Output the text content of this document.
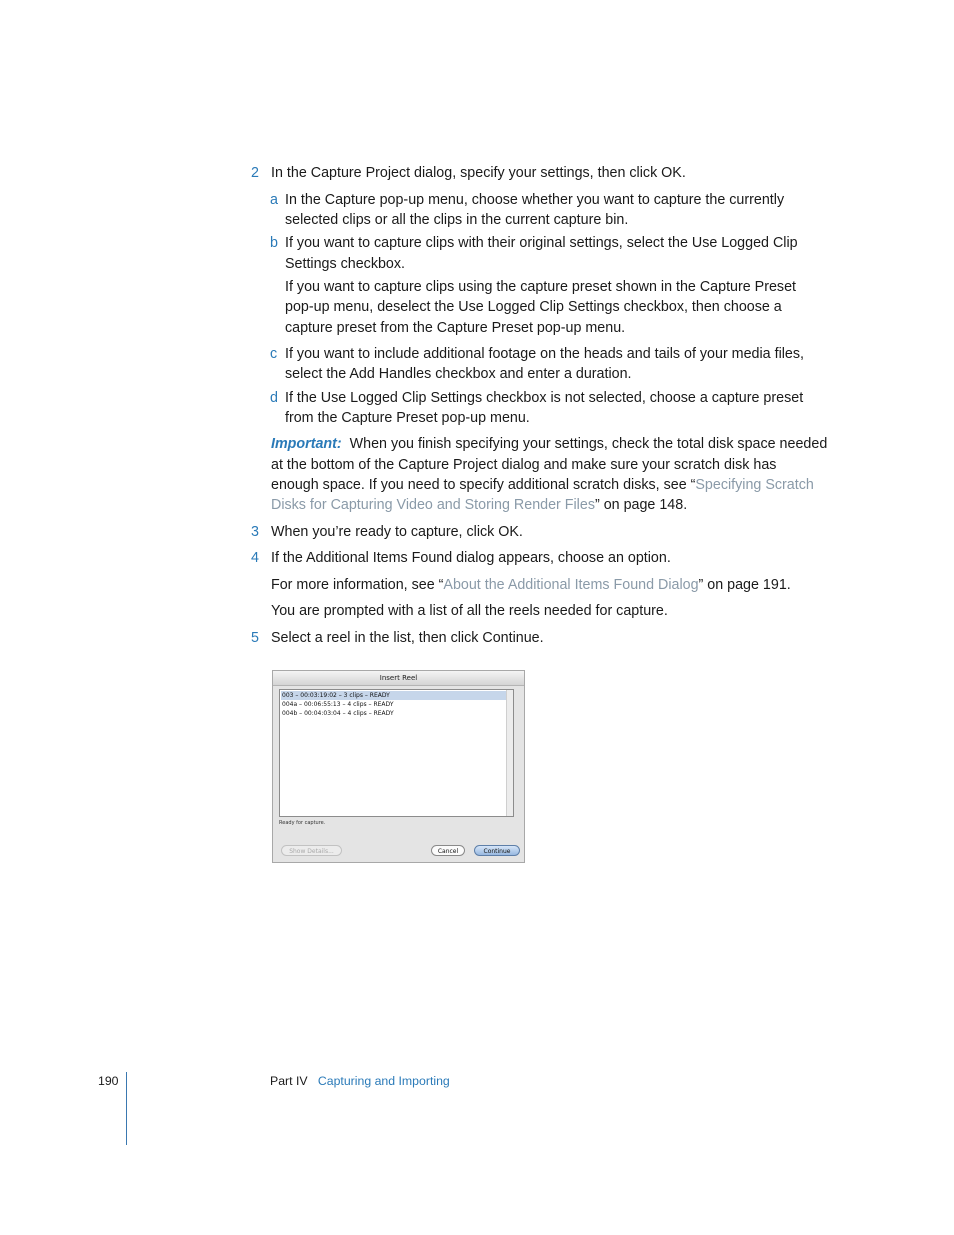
2 In the Capture Project dialog, specify your settings, then click OK.
a In the Capture pop-up menu, choose whether you want to capture the currently
selected clips or all the clips in the current capture bin.
b If you want to capture clips with their original settings, select the Use Logged Clip
Settings checkbox.
If you want to capture clips using the capture preset shown in the Capture Preset
pop-up menu, deselect the Use Logged Clip Settings checkbox, then choose a
capture preset from the Capture Preset pop-up menu.
c If you want to include additional footage on the heads and tails of your media files,
select the Add Handles checkbox and enter a duration.
d If the Use Logged Clip Settings checkbox is not selected, choose a capture preset
from the Capture Preset pop-up menu.
Important: When you finish specifying your settings, check the total disk space needed
at the bottom of the Capture Project dialog and make sure your scratch disk has
enough space. If you need to specify additional scratch disks, see “Specifying Scratch
Disks for Capturing Video and Storing Render Files” on page 148.
3 When you’re ready to capture, click OK.
4 If the Additional Items Found dialog appears, choose an option.
For more information, see “About the Additional Items Found Dialog” on page 191.
You are prompted with a list of all the reels needed for capture.
5 Select a reel in the list, then click Continue.
Insert Reel
003 – 00:03:19:02 – 3 clips – READY
004a – 00:06:55:13 – 4 clips – READY
004b – 00:04:03:04 – 4 clips – READY
Ready for capture.
Show Details...	Cancel	Continue
190	Part IV Capturing and Importing
